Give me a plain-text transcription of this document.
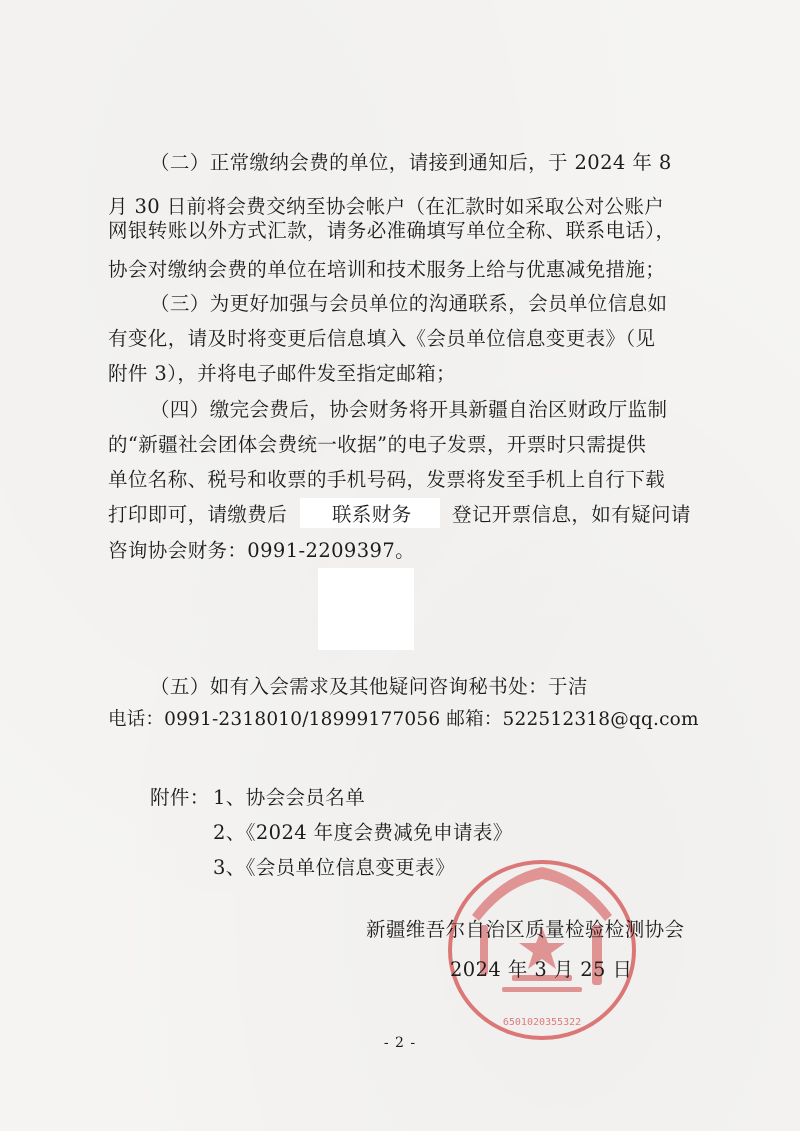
（二）正常缴纳会费的单位，请接到通知后，于 2024 年 8
月 30 日前将会费交纳至协会帐户（在汇款时如采取公对公账户
网银转账以外方式汇款，请务必准确填写单位全称、联系电话），
协会对缴纳会费的单位在培训和技术服务上给与优惠减免措施；
（三）为更好加强与会员单位的沟通联系，会员单位信息如
有变化，请及时将变更后信息填入《会员单位信息变更表》（见
附件 3），并将电子邮件发至指定邮箱；
（四）缴完会费后，协会财务将开具新疆自治区财政厅监制
的“新疆社会团体会费统一收据”的电子发票，开票时只需提供
单位名称、税号和收票的手机号码，发票将发至手机上自行下载
打印即可，请缴费后 联系财务 登记开票信息，如有疑问请
咨询协会财务：0991-2209397。
（五）如有入会需求及其他疑问咨询秘书处：于洁
电话：0991-2318010/18999177056 邮箱：522512318@qq.com
附件： 1、协会会员名单
2、《2024 年度会费减免申请表》
3、《会员单位信息变更表》
6501020355322
新疆维吾尔自治区质量检验检测协会
2024 年 3 月 25 日
- 2 -
